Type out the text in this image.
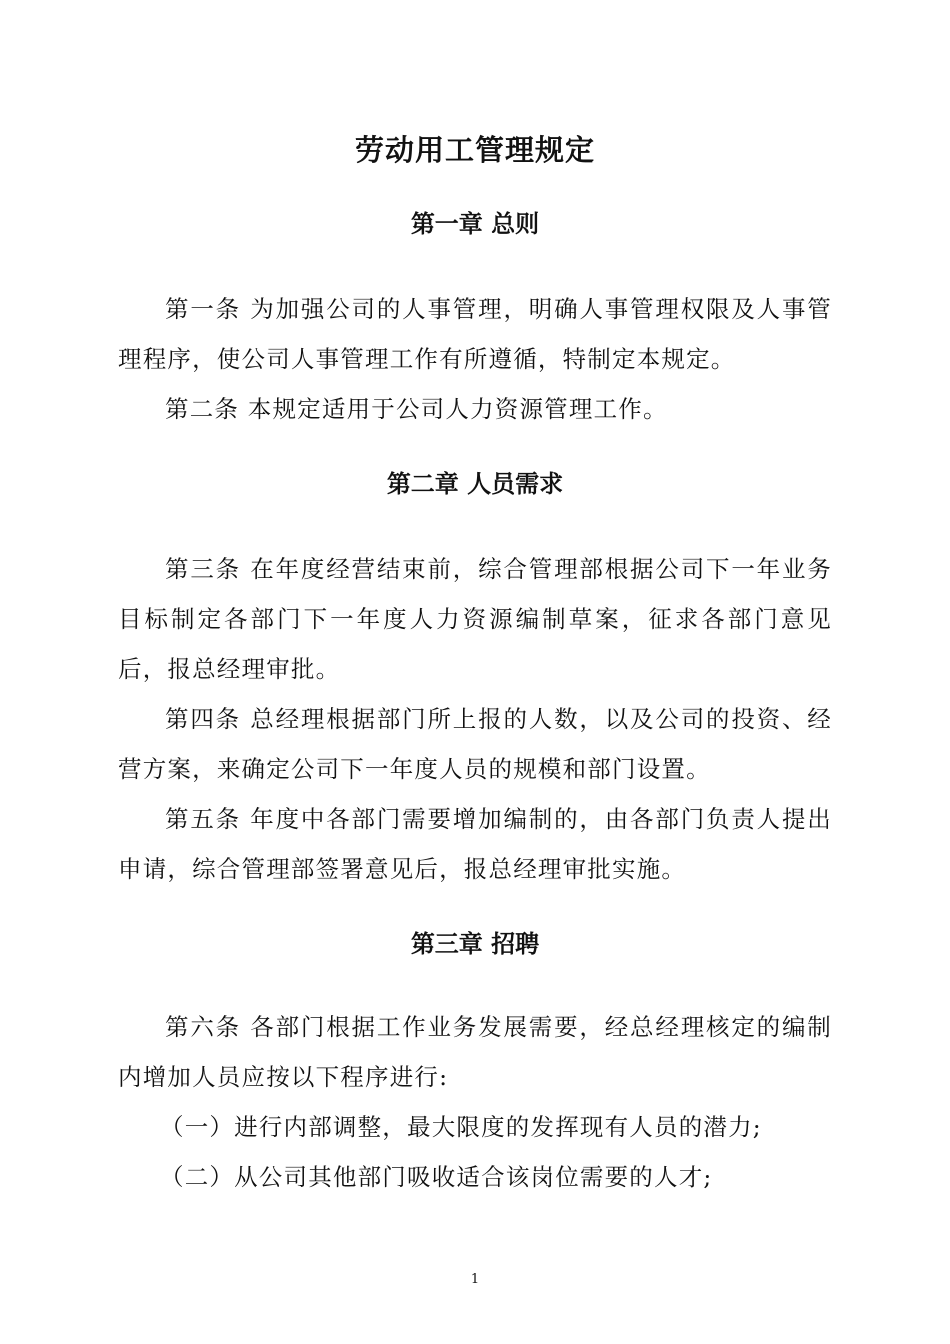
劳动用工管理规定
第一章 总则

第一条 为加强公司的人事管理，明确人事管理权限及人事管理程序，使公司人事管理工作有所遵循，特制定本规定。

第二条 本规定适用于公司人力资源管理工作。

第二章 人员需求

第三条 在年度经营结束前，综合管理部根据公司下一年业务目标制定各部门下一年度人力资源编制草案，征求各部门意见后，报总经理审批。

第四条 总经理根据部门所上报的人数，以及公司的投资、经营方案，来确定公司下一年度人员的规模和部门设置。

第五条 年度中各部门需要增加编制的，由各部门负责人提出申请，综合管理部签署意见后，报总经理审批实施。

第三章 招聘

第六条 各部门根据工作业务发展需要，经总经理核定的编制内增加人员应按以下程序进行:

（一）进行内部调整，最大限度的发挥现有人员的潜力;
（二）从公司其他部门吸收适合该岗位需要的人才;
1
